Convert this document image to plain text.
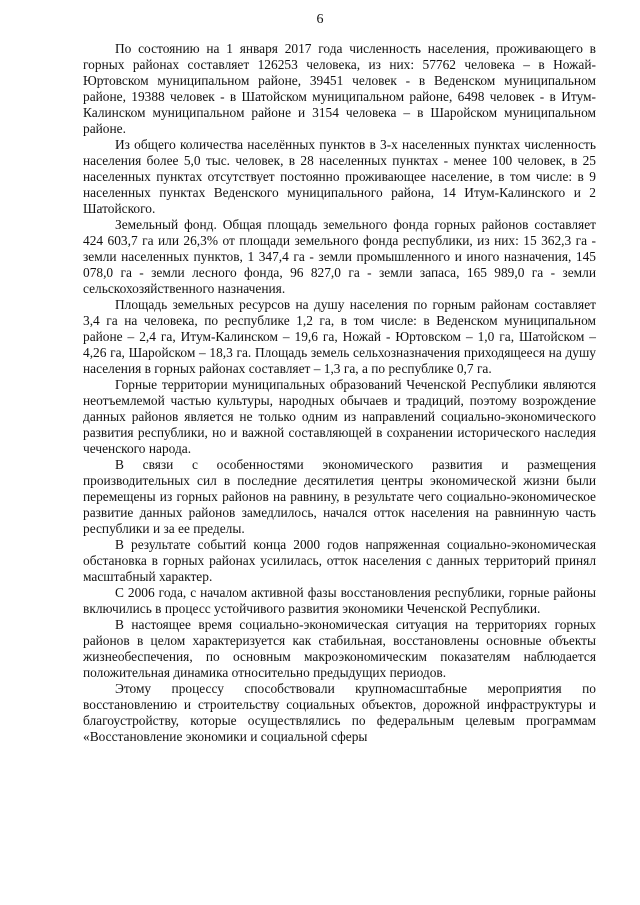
6

По состоянию на 1 января 2017 года численность населения, проживающего в горных районах составляет 126253 человека, из них: 57762 человека – в Ножай-Юртовском муниципальном районе, 39451 человек - в Веденском муниципальном районе, 19388 человек - в Шатойском муниципальном районе, 6498 человек - в Итум-Калинском муниципальном районе и 3154 человека – в Шаройском муниципальном районе.

Из общего количества населённых пунктов в 3-х населенных пунктах численность населения более 5,0 тыс. человек, в 28 населенных пунктах - менее 100 человек, в 25 населенных пунктах отсутствует постоянно проживающее население, в том числе: в 9 населенных пунктах Веденского муниципального района, 14 Итум-Калинского и 2 Шатойского.

Земельный фонд. Общая площадь земельного фонда горных районов составляет 424 603,7 га или 26,3% от площади земельного фонда республики, из них: 15 362,3 га - земли населенных пунктов, 1 347,4 га - земли промышленного и иного назначения, 145 078,0 га - земли лесного фонда, 96 827,0 га - земли запаса, 165 989,0 га - земли сельскохозяйственного назначения.

Площадь земельных ресурсов на душу населения по горным районам составляет 3,4 га на человека, по республике 1,2 га, в том числе: в Веденском муниципальном районе – 2,4 га, Итум-Калинском – 19,6 га, Ножай - Юртовском – 1,0 га, Шатойском – 4,26 га, Шаройском – 18,3 га. Площадь земель сельхозназначения приходящееся на душу населения в горных районах составляет – 1,3 га, а по республике 0,7 га.

Горные территории муниципальных образований Чеченской Республики являются неотъемлемой частью культуры, народных обычаев и традиций, поэтому возрождение данных районов является не только одним из направлений социально-экономического развития республики, но и важной составляющей в сохранении исторического наследия чеченского народа.

В связи с особенностями экономического развития и размещения производительных сил в последние десятилетия центры экономической жизни были перемещены из горных районов на равнину, в результате чего социально-экономическое развитие данных районов замедлилось, начался отток населения на равнинную часть республики и за ее пределы.

В результате событий конца 2000 годов напряженная социально-экономическая обстановка в горных районах усилилась, отток населения с данных территорий принял масштабный характер.

С 2006 года, с началом активной фазы восстановления республики, горные районы включились в процесс устойчивого развития экономики Чеченской Республики.

В настоящее время социально-экономическая ситуация на территориях горных районов в целом характеризуется как стабильная, восстановлены основные объекты жизнеобеспечения, по основным макроэкономическим показателям наблюдается положительная динамика относительно предыдущих периодов.

Этому процессу способствовали крупномасштабные мероприятия по восстановлению и строительству социальных объектов, дорожной инфраструктуры и благоустройству, которые осуществлялись по федеральным целевым программам «Восстановление экономики и социальной сферы
